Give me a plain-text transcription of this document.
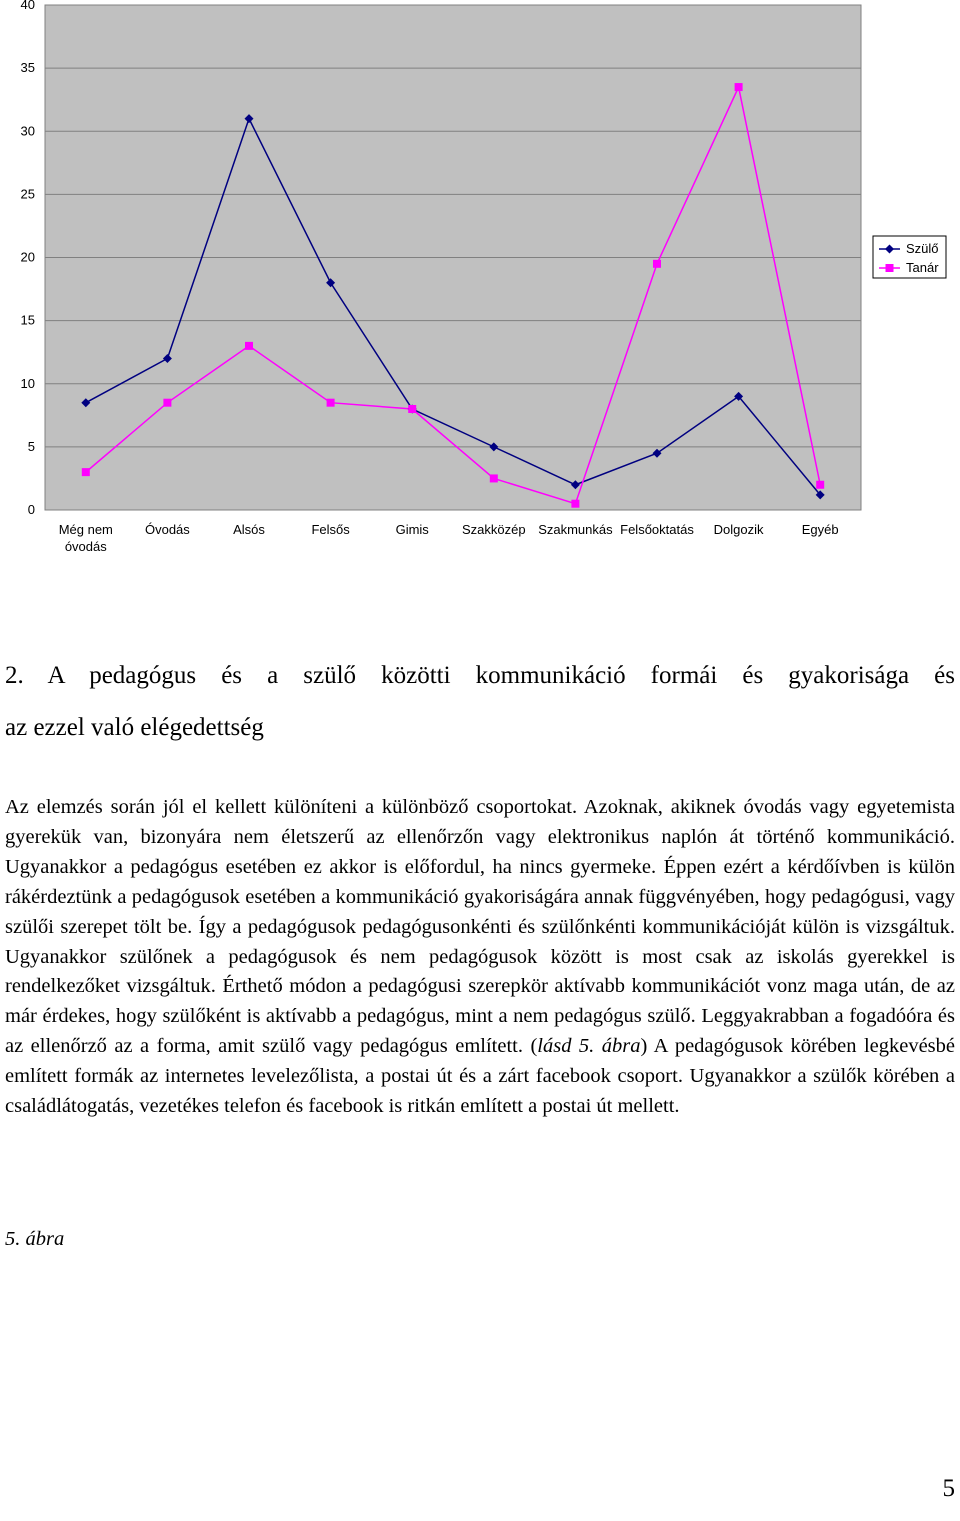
0
5
10
15
20
25
30
35
40
Még nem
óvodás
Óvodás	Alsós	Felsős	Gimis	Szakközép Szakmunkás Felsőoktatás Dolgozik	Egyéb
Szülő
Tanár
2. A pedagógus és a szülő közötti kommunikáció formái és gyakorisága és
az ezzel való elégedettség

Az elemzés során jól el kellett különíteni a különböző csoportokat. Azoknak, akiknek óvodás vagy egyetemista gyerekük van, bizonyára nem életszerű az ellenőrzőn vagy elektronikus naplón át történő kommunikáció. Ugyanakkor a pedagógus esetében ez akkor is előfordul, ha nincs gyermeke. Éppen ezért a kérdőívben is külön rákérdeztünk a pedagógusok esetében a kommunikáció gyakoriságára annak függvényében, hogy pedagógusi, vagy szülői szerepet tölt be. Így a pedagógusok pedagógusonkénti és szülőnkénti kommunikációját külön is vizsgáltuk. Ugyanakkor szülőnek a pedagógusok és nem pedagógusok között is most csak az iskolás gyerekkel is rendelkezőket vizsgáltuk. Érthető módon a pedagógusi szerepkör aktívabb kommunikációt vonz maga után, de az már érdekes, hogy szülőként is aktívabb a pedagógus, mint a nem pedagógus szülő. Leggyakrabban a fogadóóra és az ellenőrző az a forma, amit szülő vagy pedagógus említett. (lásd 5. ábra) A pedagógusok körében legkevésbé említett formák az internetes levelezőlista, a postai út és a zárt facebook csoport. Ugyanakkor a szülők körében a családlátogatás, vezetékes telefon és facebook is ritkán említett a postai út mellett.

5. ábra

5
